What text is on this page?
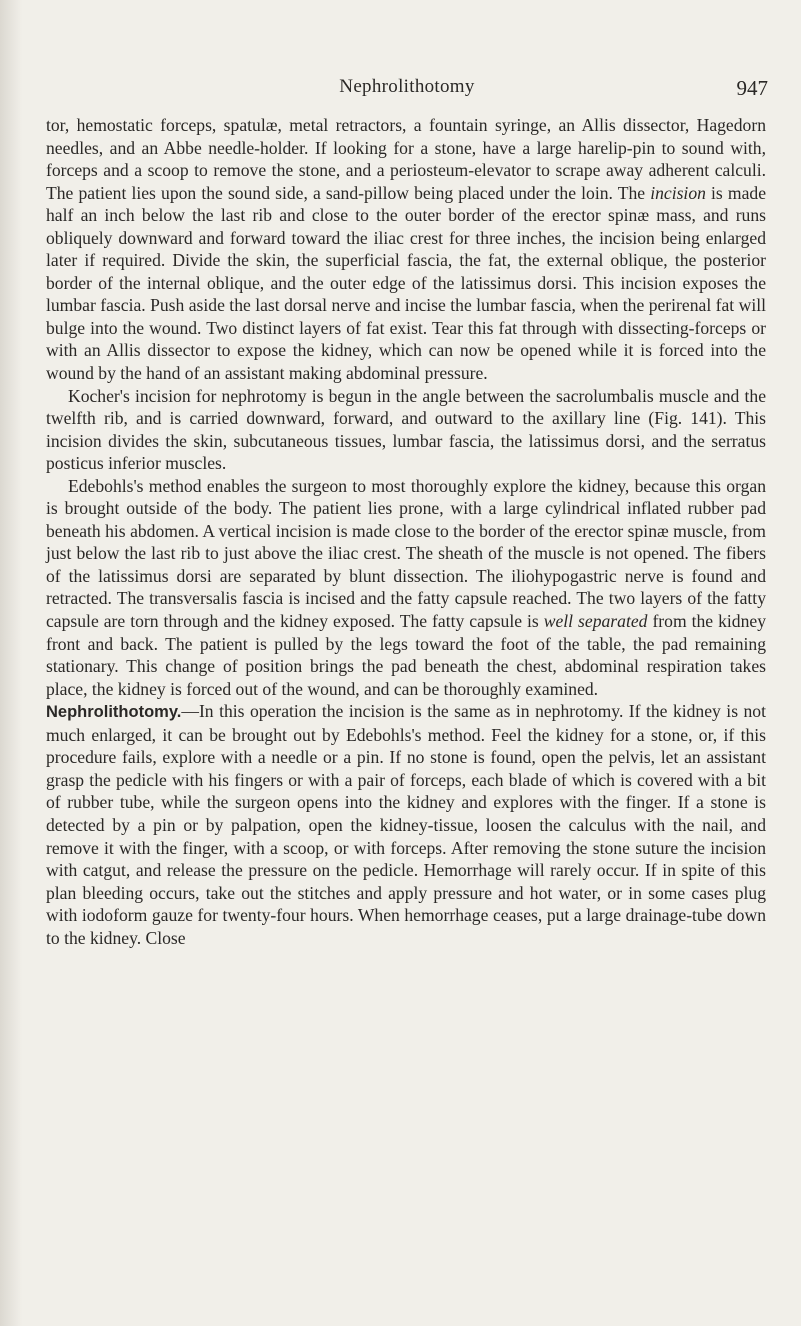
Nephrolithotomy	947

tor, hemostatic forceps, spatulæ, metal retractors, a fountain syringe, an Allis dissector, Hagedorn needles, and an Abbe needle-holder. If looking for a stone, have a large harelip-pin to sound with, forceps and a scoop to remove the stone, and a periosteum-elevator to scrape away adherent calculi. The patient lies upon the sound side, a sand-pillow being placed under the loin. The incision is made half an inch below the last rib and close to the outer border of the erector spinæ mass, and runs obliquely downward and forward toward the iliac crest for three inches, the incision being enlarged later if required. Divide the skin, the superficial fascia, the fat, the external oblique, the posterior border of the internal oblique, and the outer edge of the latissimus dorsi. This incision exposes the lumbar fascia. Push aside the last dorsal nerve and incise the lumbar fascia, when the perirenal fat will bulge into the wound. Two distinct layers of fat exist. Tear this fat through with dissecting-forceps or with an Allis dissector to expose the kidney, which can now be opened while it is forced into the wound by the hand of an assistant making abdominal pressure.

Kocher's incision for nephrotomy is begun in the angle between the sacrolumbalis muscle and the twelfth rib, and is carried downward, forward, and outward to the axillary line (Fig. 141). This incision divides the skin, subcutaneous tissues, lumbar fascia, the latissimus dorsi, and the serratus posticus inferior muscles.

Edebohls's method enables the surgeon to most thoroughly explore the kidney, because this organ is brought outside of the body. The patient lies prone, with a large cylindrical inflated rubber pad beneath his abdomen. A vertical incision is made close to the border of the erector spinæ muscle, from just below the last rib to just above the iliac crest. The sheath of the muscle is not opened. The fibers of the latissimus dorsi are separated by blunt dissection. The iliohypogastric nerve is found and retracted. The transversalis fascia is incised and the fatty capsule reached. The two layers of the fatty capsule are torn through and the kidney exposed. The fatty capsule is well separated from the kidney front and back. The patient is pulled by the legs toward the foot of the table, the pad remaining stationary. This change of position brings the pad beneath the chest, abdominal respiration takes place, the kidney is forced out of the wound, and can be thoroughly examined.

Nephrolithotomy.—In this operation the incision is the same as in nephrotomy. If the kidney is not much enlarged, it can be brought out by Edebohls's method. Feel the kidney for a stone, or, if this procedure fails, explore with a needle or a pin. If no stone is found, open the pelvis, let an assistant grasp the pedicle with his fingers or with a pair of forceps, each blade of which is covered with a bit of rubber tube, while the surgeon opens into the kidney and explores with the finger. If a stone is detected by a pin or by palpation, open the kidney-tissue, loosen the calculus with the nail, and remove it with the finger, with a scoop, or with forceps. After removing the stone suture the incision with catgut, and release the pressure on the pedicle. Hemorrhage will rarely occur. If in spite of this plan bleeding occurs, take out the stitches and apply pressure and hot water, or in some cases plug with iodoform gauze for twenty-four hours. When hemorrhage ceases, put a large drainage-tube down to the kidney. Close
